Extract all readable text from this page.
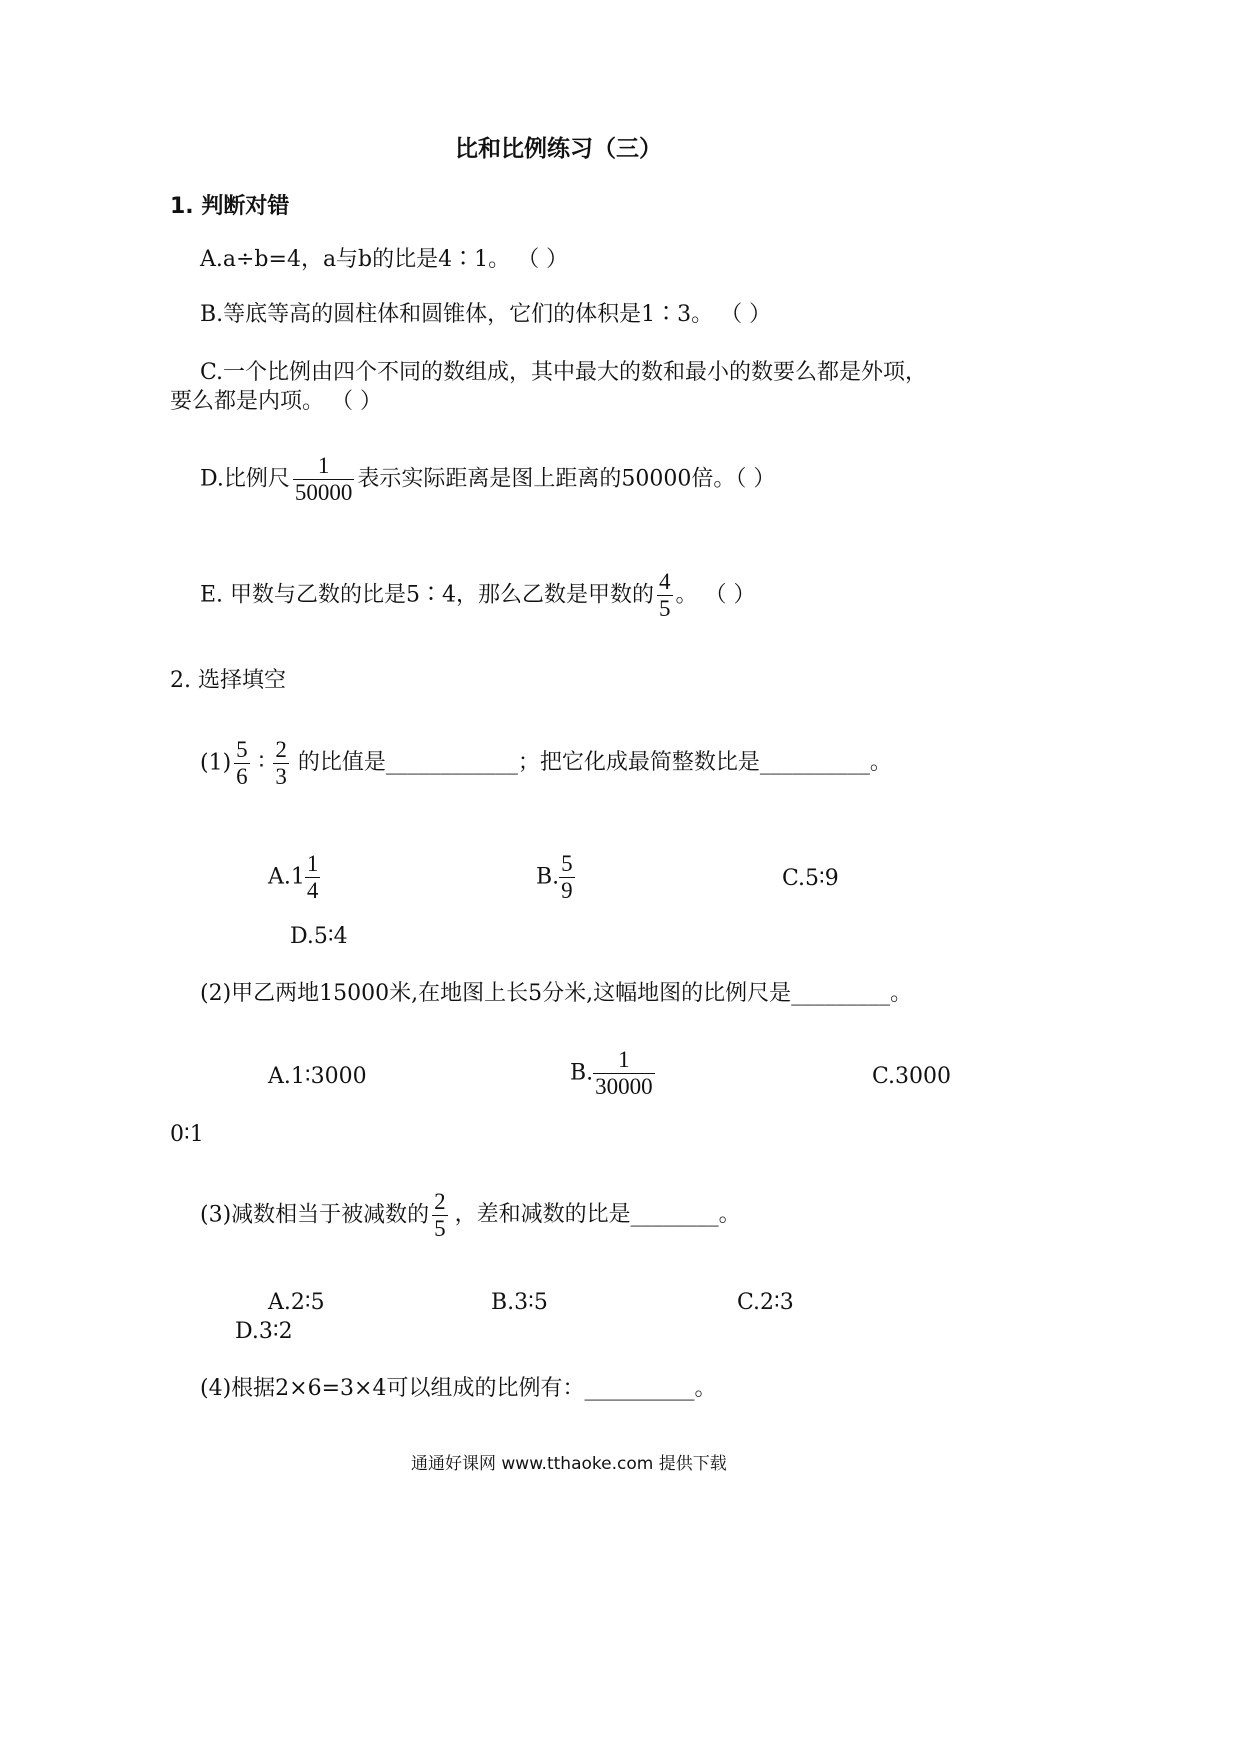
比和比例练习（三）
1. 判断对错
A.a÷b=4，a与b的比是4∶1。 （ ）
B.等底等高的圆柱体和圆锥体，它们的体积是1∶3。 （ ）
C.一个比例由四个不同的数组成，其中最大的数和最小的数要么都是外项，
要么都是内项。 （ ）
D.比例尺 $\frac{1}{50000}$ 表示实际距离是图上距离的50000倍。（ ）
E. 甲数与乙数的比是5∶4，那么乙数是甲数的 $\frac{4}{5}$ 。 （ ）
2. 选择填空
$(1) \frac{5}{6}$ ∶ $\frac{2}{3}$ 的比值是____________；把它化成最简整数比是__________。
$A.1 \frac{1}{4}$	B. $\frac{5}{9}$	C.5∶9
D.5∶4
(2)甲乙两地15000米,在地图上长5分米,这幅地图的比例尺是_________。
A.1∶3000	B. $\frac{1}{30000}$	C.3000
0∶1
(3)减数相当于被减数的 $\frac{2}{5}$ ，差和减数的比是________。
A.2∶5	B.3∶5	C.2∶3
D.3∶2
(4)根据2×6=3×4可以组成的比例有：__________。
通通好课网 www.tthaoke.com 提供下载
